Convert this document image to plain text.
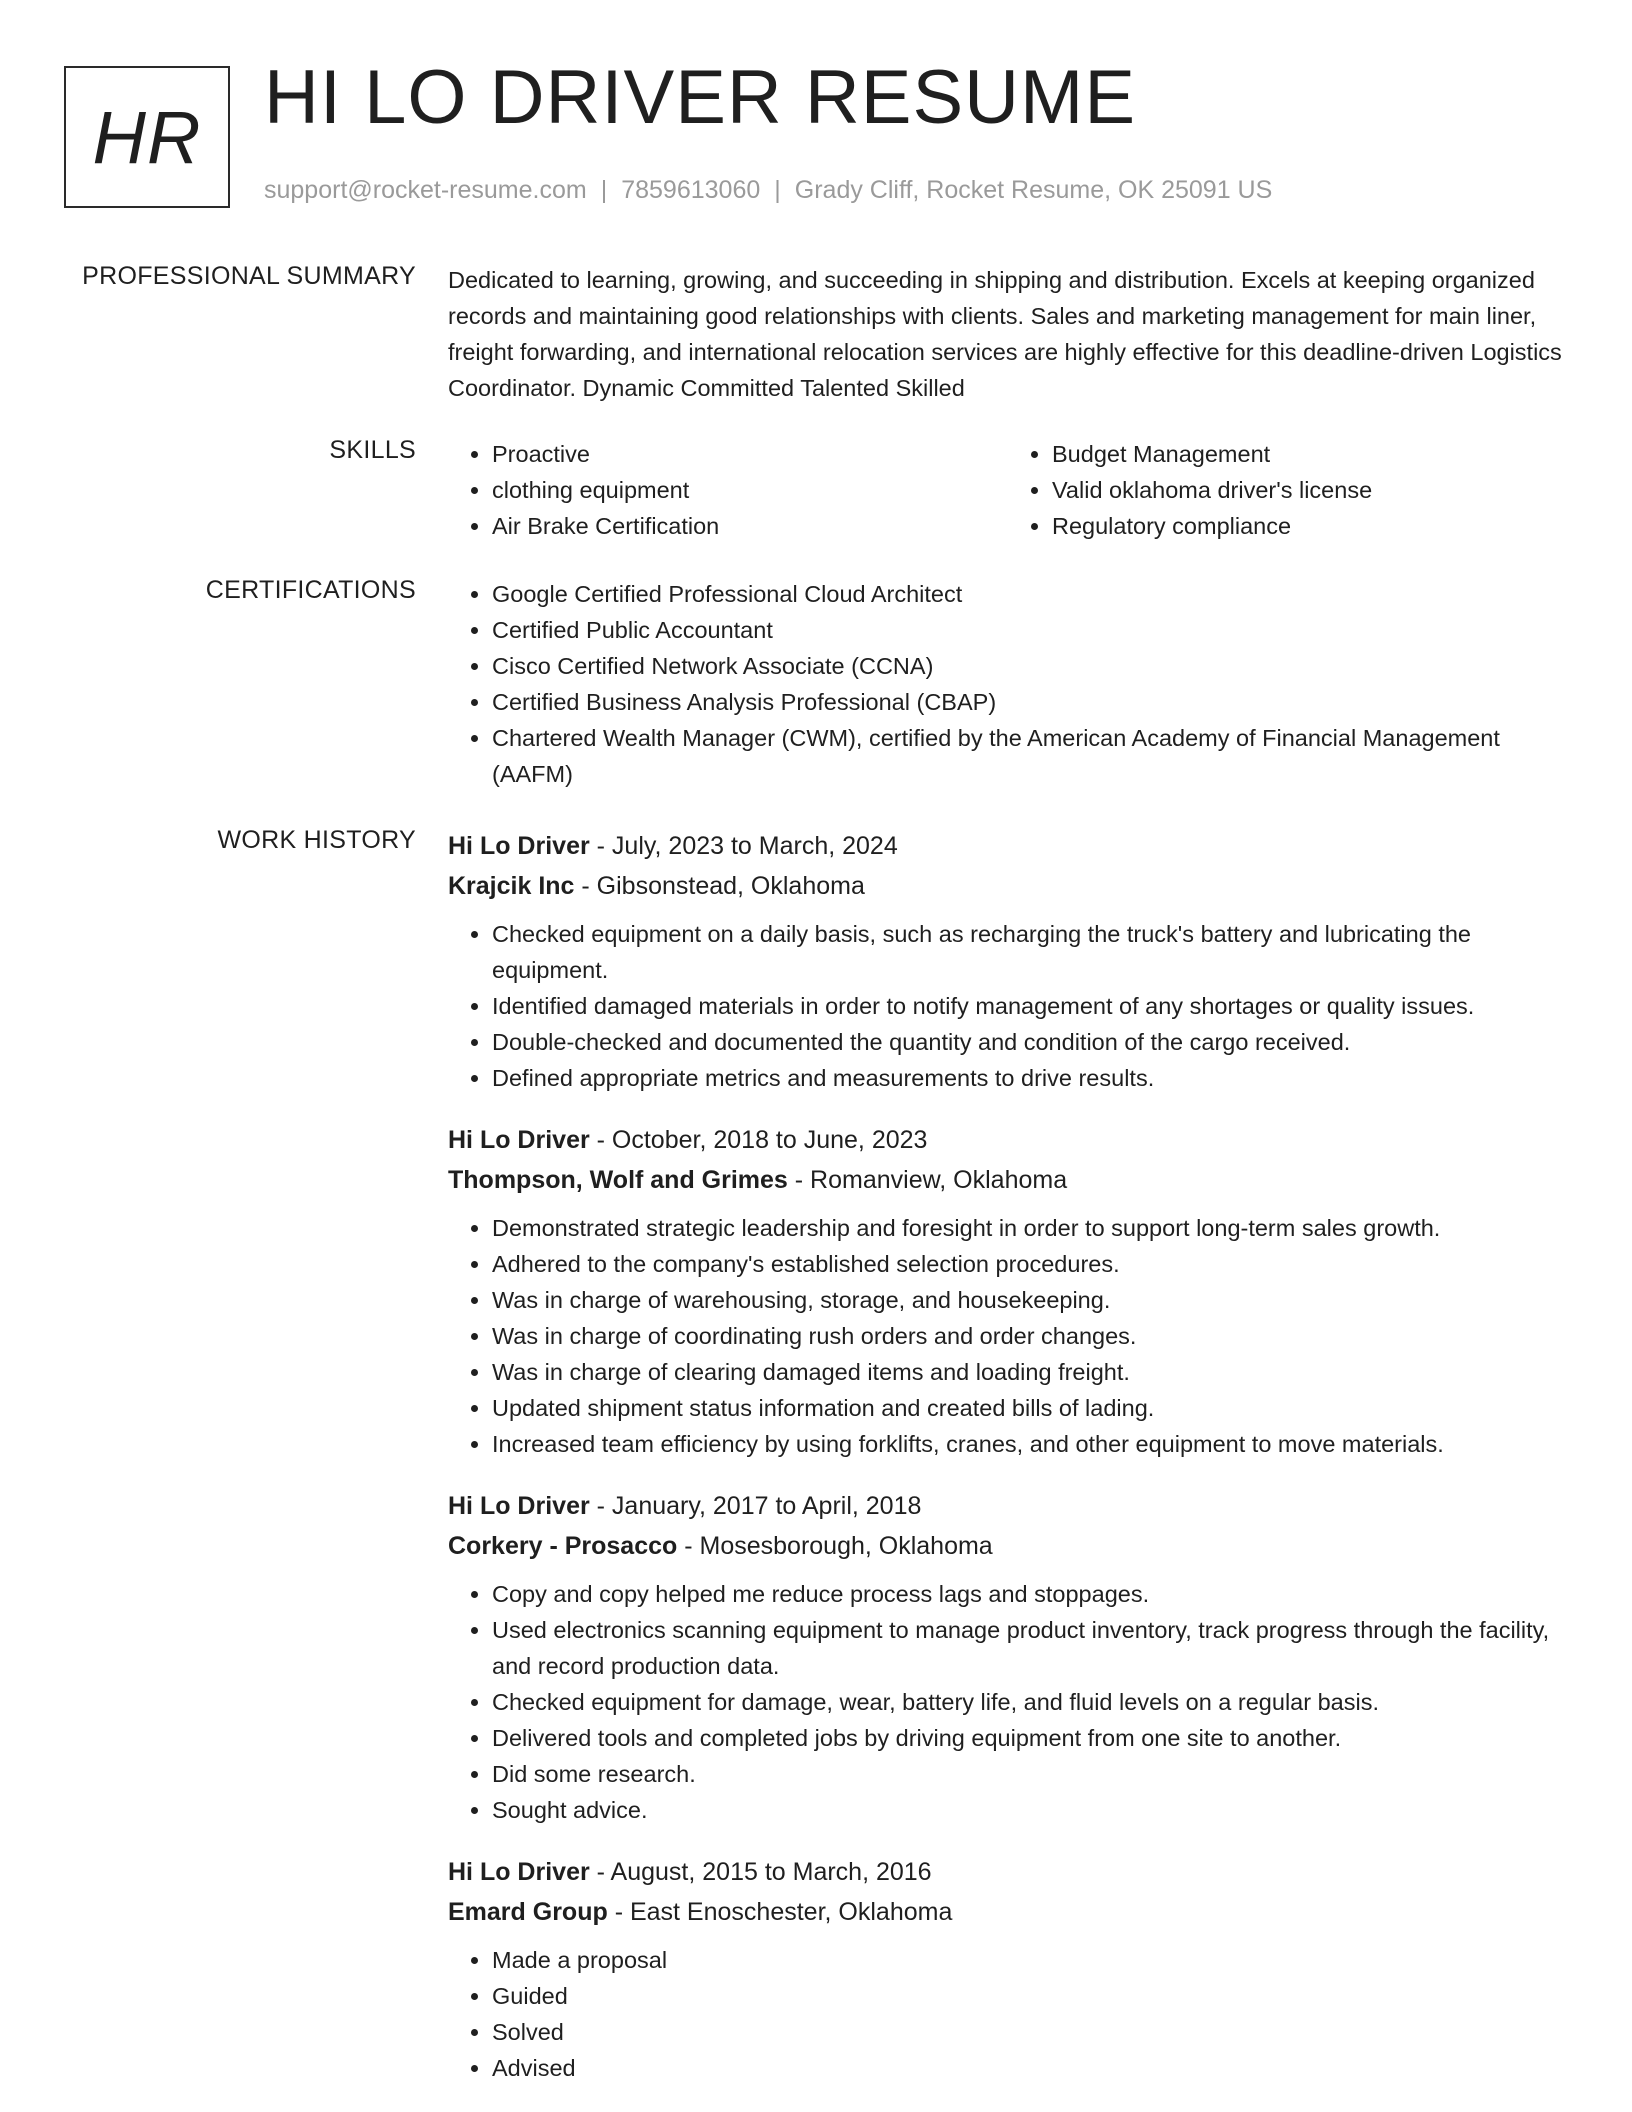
HR HI LO DRIVER RESUME
support@rocket-resume.com | 7859613060 | Grady Cliff, Rocket Resume, OK 25091 US
PROFESSIONAL SUMMARY Dedicated to learning, growing, and succeeding in shipping and distribution. Excels at keeping organized records and maintaining good relationships with clients. Sales and marketing management for main liner, freight forwarding, and international relocation services are highly effective for this deadline-driven Logistics Coordinator. Dynamic Committed Talented Skilled
SKILLS	• Proactive
• clothing equipment
• Air Brake Certification
• Budget Management
• Valid oklahoma driver's license
• Regulatory compliance
CERTIFICATIONS	• Google Certified Professional Cloud Architect
• Certified Public Accountant
• Cisco Certified Network Associate (CCNA)
• Certified Business Analysis Professional (CBAP)
• Chartered Wealth Manager (CWM), certified by the American Academy of Financial Management (AAFM)
WORK HISTORY Hi Lo Driver - July, 2023 to March, 2024
Krajcik Inc - Gibsonstead, Oklahoma
• Checked equipment on a daily basis, such as recharging the truck's battery and lubricating the equipment.
• Identified damaged materials in order to notify management of any shortages or quality issues.
• Double-checked and documented the quantity and condition of the cargo received.
• Defined appropriate metrics and measurements to drive results.
Hi Lo Driver - October, 2018 to June, 2023
Thompson, Wolf and Grimes - Romanview, Oklahoma
• Demonstrated strategic leadership and foresight in order to support long-term sales growth.
• Adhered to the company's established selection procedures.
• Was in charge of warehousing, storage, and housekeeping.
• Was in charge of coordinating rush orders and order changes.
• Was in charge of clearing damaged items and loading freight.
• Updated shipment status information and created bills of lading.
• Increased team efficiency by using forklifts, cranes, and other equipment to move materials.
Hi Lo Driver - January, 2017 to April, 2018
Corkery - Prosacco - Mosesborough, Oklahoma
• Copy and copy helped me reduce process lags and stoppages.
• Used electronics scanning equipment to manage product inventory, track progress through the facility, and record production data.
• Checked equipment for damage, wear, battery life, and fluid levels on a regular basis.
• Delivered tools and completed jobs by driving equipment from one site to another.
• Did some research.
• Sought advice.
Hi Lo Driver - August, 2015 to March, 2016
Emard Group - East Enoschester, Oklahoma
• Made a proposal
• Guided
• Solved
• Advised
